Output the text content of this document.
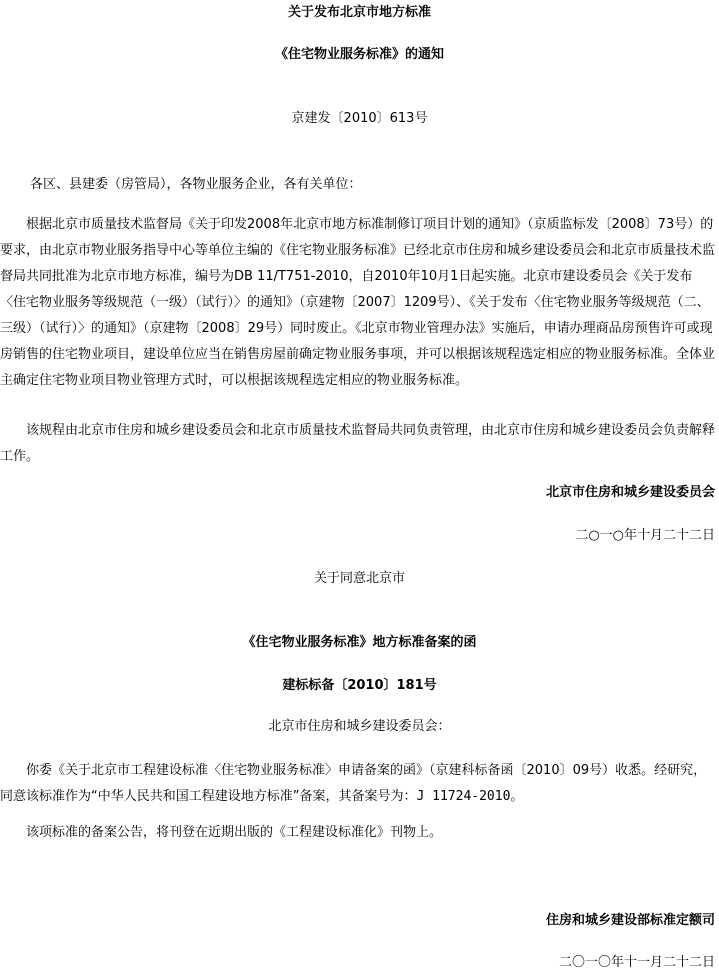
关于发布北京市地方标准
《住宅物业服务标准》的通知
京建发〔2010〕613号
各区、县建委（房管局），各物业服务企业，各有关单位：
根据北京市质量技术监督局《关于印发2008年北京市地方标准制修订项目计划的通知》（京质监标发〔2008〕73号）的要求，由北京市物业服务指导中心等单位主编的《住宅物业服务标准》已经北京市住房和城乡建设委员会和北京市质量技术监督局共同批准为北京市地方标准，编号为DB 11/T751-2010，自2010年10月1日起实施。北京市建设委员会《关于发布〈住宅物业服务等级规范（一级）（试行）〉的通知》（京建物〔2007〕1209号）、《关于发布〈住宅物业服务等级规范（二、三级）（试行）〉的通知》（京建物〔2008〕29号）同时废止。《北京市物业管理办法》实施后，申请办理商品房预售许可或现房销售的住宅物业项目，建设单位应当在销售房屋前确定物业服务事项，并可以根据该规程选定相应的物业服务标准。全体业主确定住宅物业项目物业管理方式时，可以根据该规程选定相应的物业服务标准。
该规程由北京市住房和城乡建设委员会和北京市质量技术监督局共同负责管理，由北京市住房和城乡建设委员会负责解释工作。
北京市住房和城乡建设委员会
二○一○年十月二十二日
关于同意北京市
《住宅物业服务标准》地方标准备案的函
建标标备〔2010〕181号
北京市住房和城乡建设委员会：
你委《关于北京市工程建设标准〈住宅物业服务标准〉申请备案的函》（京建科标备函〔2010〕09号）收悉。经研究，同意该标准作为“中华人民共和国工程建设地方标准”备案，其备案号为：J 11724-2010。
该项标准的备案公告，将刊登在近期出版的《工程建设标准化》刊物上。
住房和城乡建设部标准定额司
二〇一〇年十一月二十二日
